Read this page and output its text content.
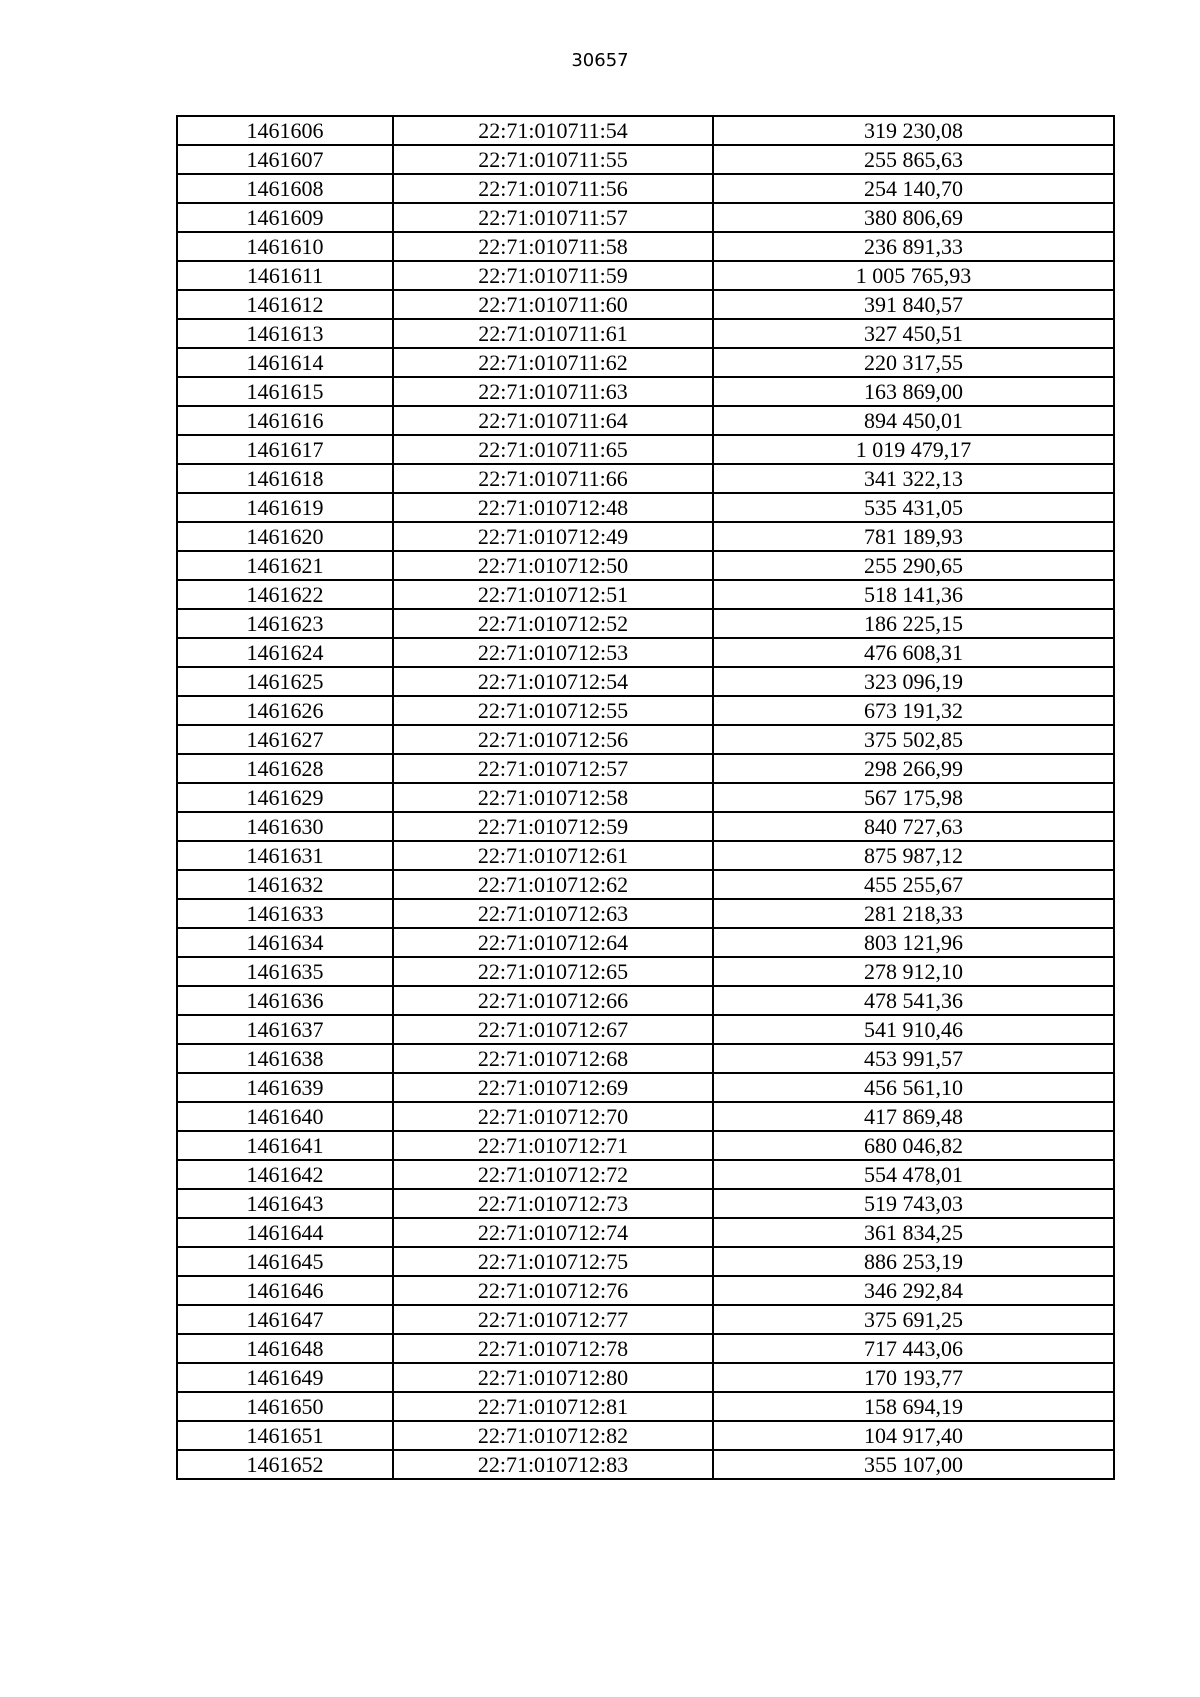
30657
1461606	22:71:010711:54	319 230,08
1461607	22:71:010711:55	255 865,63
1461608	22:71:010711:56	254 140,70
1461609	22:71:010711:57	380 806,69
1461610	22:71:010711:58	236 891,33
1461611	22:71:010711:59	1 005 765,93
1461612	22:71:010711:60	391 840,57
1461613	22:71:010711:61	327 450,51
1461614	22:71:010711:62	220 317,55
1461615	22:71:010711:63	163 869,00
1461616	22:71:010711:64	894 450,01
1461617	22:71:010711:65	1 019 479,17
1461618	22:71:010711:66	341 322,13
1461619	22:71:010712:48	535 431,05
1461620	22:71:010712:49	781 189,93
1461621	22:71:010712:50	255 290,65
1461622	22:71:010712:51	518 141,36
1461623	22:71:010712:52	186 225,15
1461624	22:71:010712:53	476 608,31
1461625	22:71:010712:54	323 096,19
1461626	22:71:010712:55	673 191,32
1461627	22:71:010712:56	375 502,85
1461628	22:71:010712:57	298 266,99
1461629	22:71:010712:58	567 175,98
1461630	22:71:010712:59	840 727,63
1461631	22:71:010712:61	875 987,12
1461632	22:71:010712:62	455 255,67
1461633	22:71:010712:63	281 218,33
1461634	22:71:010712:64	803 121,96
1461635	22:71:010712:65	278 912,10
1461636	22:71:010712:66	478 541,36
1461637	22:71:010712:67	541 910,46
1461638	22:71:010712:68	453 991,57
1461639	22:71:010712:69	456 561,10
1461640	22:71:010712:70	417 869,48
1461641	22:71:010712:71	680 046,82
1461642	22:71:010712:72	554 478,01
1461643	22:71:010712:73	519 743,03
1461644	22:71:010712:74	361 834,25
1461645	22:71:010712:75	886 253,19
1461646	22:71:010712:76	346 292,84
1461647	22:71:010712:77	375 691,25
1461648	22:71:010712:78	717 443,06
1461649	22:71:010712:80	170 193,77
1461650	22:71:010712:81	158 694,19
1461651	22:71:010712:82	104 917,40
1461652	22:71:010712:83	355 107,00
